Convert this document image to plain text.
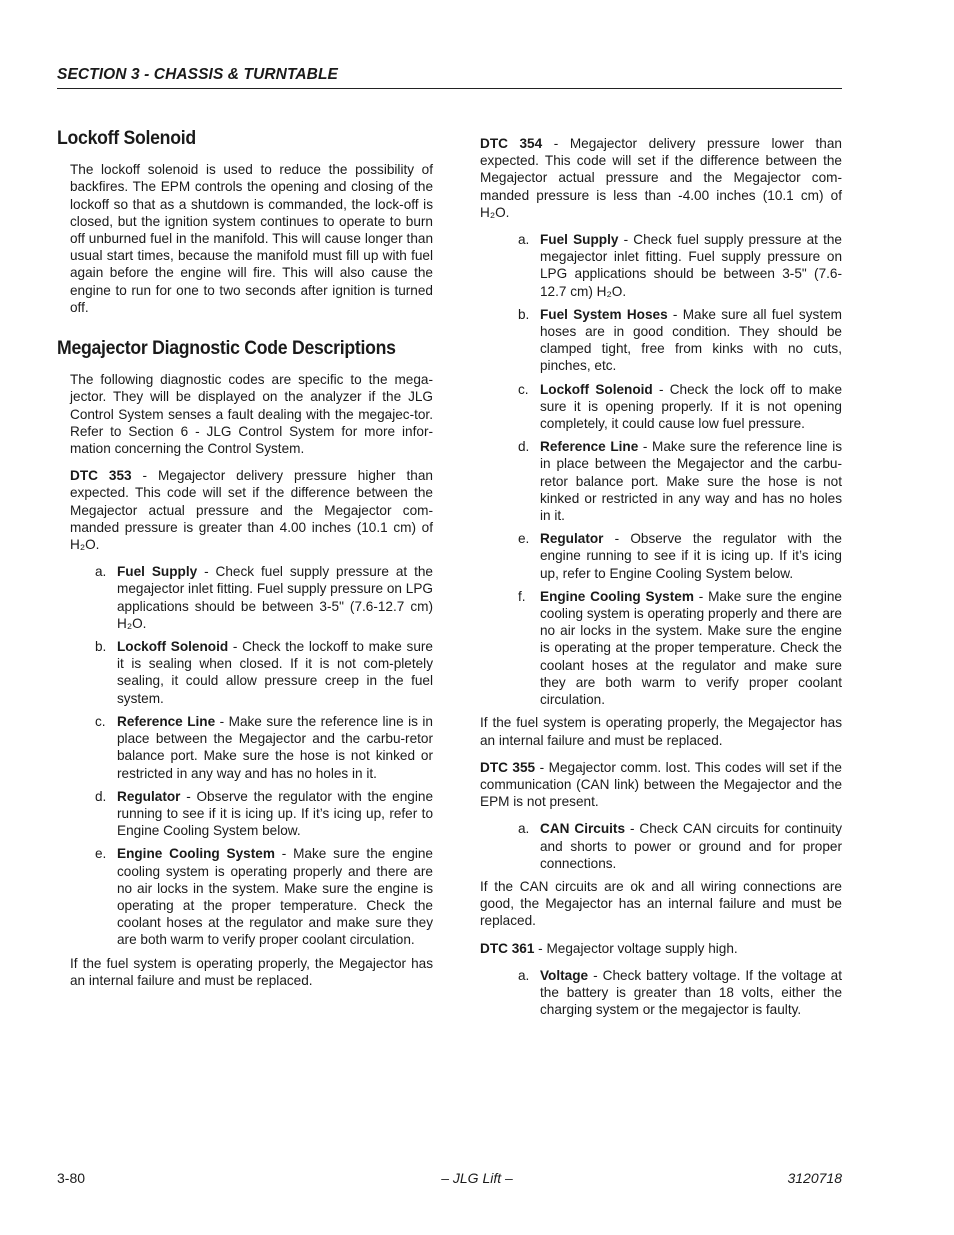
SECTION 3 - CHASSIS & TURNTABLE
Lockoff Solenoid

The lockoff solenoid is used to reduce the possibility of backfires. The EPM controls the opening and closing of the lockoff so that as a shutdown is commanded, the lock-off is closed, but the ignition system continues to operate to burn off unburned fuel in the manifold. This will cause longer than usual start times, because the manifold must fill up with fuel again before the engine will fire. This will also cause the engine to run for one to two seconds after ignition is turned off.

Megajector Diagnostic Code Descriptions

The following diagnostic codes are specific to the mega-jector. They will be displayed on the analyzer if the JLG Control System senses a fault dealing with the megajec-tor. Refer to Section 6 - JLG Control System for more infor-mation concerning the Control System.

DTC 353 - Megajector delivery pressure higher than expected. This code will set if the difference between the Megajector actual pressure and the Megajector com-manded pressure is greater than 4.00 inches (10.1 cm) of H₂O.

a. Fuel Supply - Check fuel supply pressure at the megajector inlet fitting. Fuel supply pressure on LPG applications should be between 3-5" (7.6-12.7 cm) H₂O.
b. Lockoff Solenoid - Check the lockoff to make sure it is sealing when closed. If it is not com-pletely sealing, it could allow pressure creep in the fuel system.
c. Reference Line - Make sure the reference line is in place between the Megajector and the carbu-retor balance port. Make sure the hose is not kinked or restricted in any way and has no holes in it.
d. Regulator - Observe the regulator with the engine running to see if it is icing up. If it’s icing up, refer to Engine Cooling System below.
e. Engine Cooling System - Make sure the engine cooling system is operating properly and there are no air locks in the system. Make sure the engine is operating at the proper temperature. Check the coolant hoses at the regulator and make sure they are both warm to verify proper coolant circulation.

If the fuel system is operating properly, the Megajector has an internal failure and must be replaced.

DTC 354 - Megajector delivery pressure lower than expected. This code will set if the difference between the Megajector actual pressure and the Megajector com-manded pressure is less than -4.00 inches (10.1 cm) of H₂O.

a. Fuel Supply - Check fuel supply pressure at the megajector inlet fitting. Fuel supply pressure on LPG applications should be between 3-5" (7.6-12.7 cm) H₂O.
b. Fuel System Hoses - Make sure all fuel system hoses are in good condition. They should be clamped tight, free from kinks with no cuts, pinches, etc.
c. Lockoff Solenoid - Check the lock off to make sure it is opening properly. If it is not opening completely, it could cause low fuel pressure.
d. Reference Line - Make sure the reference line is in place between the Megajector and the carbu-retor balance port. Make sure the hose is not kinked or restricted in any way and has no holes in it.
e. Regulator - Observe the regulator with the engine running to see if it is icing up. If it’s icing up, refer to Engine Cooling System below.
f. Engine Cooling System - Make sure the engine cooling system is operating properly and there are no air locks in the system. Make sure the engine is operating at the proper temperature. Check the coolant hoses at the regulator and make sure they are both warm to verify proper coolant circulation.

If the fuel system is operating properly, the Megajector has an internal failure and must be replaced.

DTC 355 - Megajector comm. lost. This codes will set if the communication (CAN link) between the Megajector and the EPM is not present.

a. CAN Circuits - Check CAN circuits for continuity and shorts to power or ground and for proper connections.

If the CAN circuits are ok and all wiring connections are good, the Megajector has an internal failure and must be replaced.

DTC 361 - Megajector voltage supply high.

a. Voltage - Check battery voltage. If the voltage at the battery is greater than 18 volts, either the charging system or the megajector is faulty.
3-80	– JLG Lift –	3120718
